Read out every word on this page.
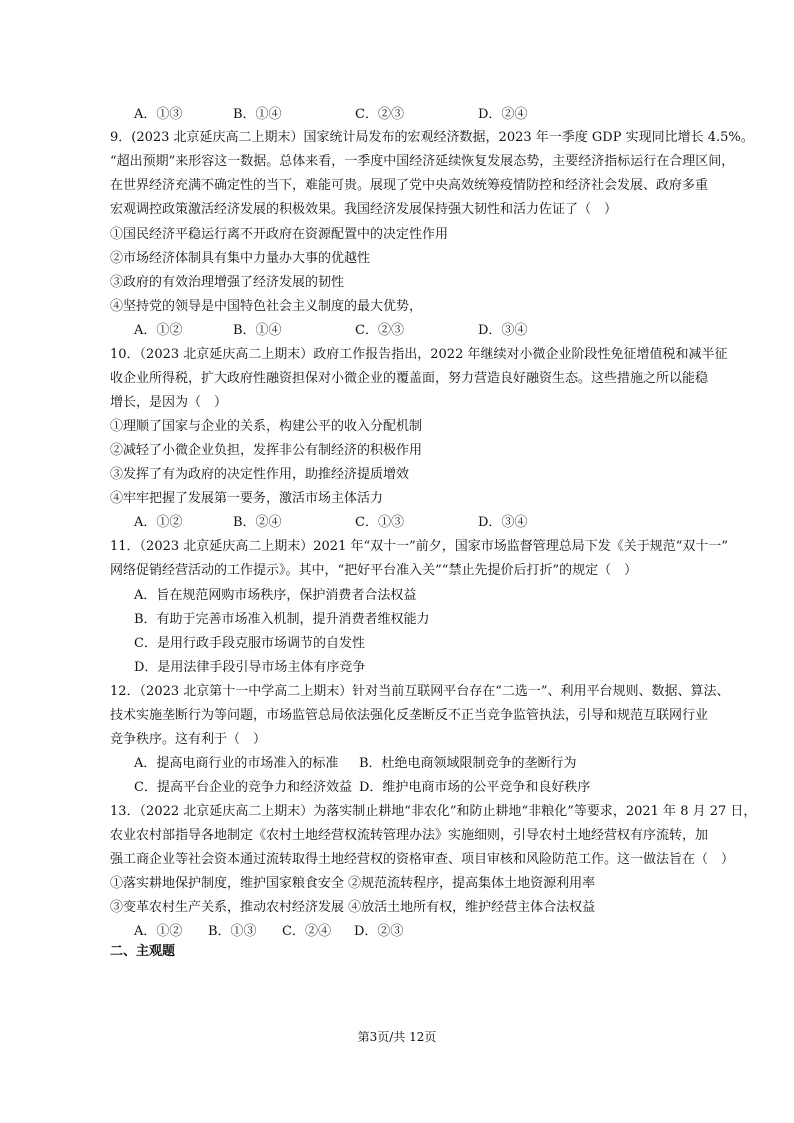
A．①③	B．①④	C．②③	D．②④
9．(2023 北京延庆高二上期末）国家统计局发布的宏观经济数据，2023 年一季度 GDP 实现同比增长 4.5%。
“超出预期”来形容这一数据。总体来看，一季度中国经济延续恢复发展态势，主要经济指标运行在合理区间，
在世界经济充满不确定性的当下，难能可贵。展现了党中央高效统筹疫情防控和经济社会发展、政府多重
宏观调控政策激活经济发展的积极效果。我国经济发展保持强大韧性和活力佐证了（　）
①国民经济平稳运行离不开政府在资源配置中的决定性作用
②市场经济体制具有集中力量办大事的优越性
③政府的有效治理增强了经济发展的韧性
④坚持党的领导是中国特色社会主义制度的最大优势，
A．①②	B．①④	C．②③	D．③④
10．（2023 北京延庆高二上期末）政府工作报告指出，2022 年继续对小微企业阶段性免征增值税和减半征
收企业所得税，扩大政府性融资担保对小微企业的覆盖面，努力营造良好融资生态。这些措施之所以能稳
增长，是因为（　）
①理顺了国家与企业的关系，构建公平的收入分配机制
②减轻了小微企业负担，发挥非公有制经济的积极作用
③发挥了有为政府的决定性作用，助推经济提质增效
④牢牢把握了发展第一要务，激活市场主体活力
A．①②	B．②④	C．①③	D．③④
11．（2023 北京延庆高二上期末）2021 年“双十一”前夕，国家市场监督管理总局下发《关于规范“双十一”
网络促销经营活动的工作提示》。其中，“把好平台准入关”“禁止先提价后打折”的规定（　）
A．旨在规范网购市场秩序，保护消费者合法权益
B．有助于完善市场准入机制，提升消费者维权能力
C．是用行政手段克服市场调节的自发性
D．是用法律手段引导市场主体有序竞争
12．（2023 北京第十一中学高二上期末）针对当前互联网平台存在“二选一”、利用平台规则、数据、算法、
技术实施垄断行为等问题，市场监管总局依法强化反垄断反不正当竞争监管执法，引导和规范互联网行业
竞争秩序。这有利于（　）
A．提高电商行业的市场准入的标准 B．杜绝电商领域限制竞争的垄断行为
C．提高平台企业的竞争力和经济效益 D．维护电商市场的公平竞争和良好秩序
13．（2022 北京延庆高二上期末）为落实制止耕地“非农化”和防止耕地“非粮化”等要求，2021 年 8 月 27 日，
农业农村部指导各地制定《农村土地经营权流转管理办法》实施细则，引导农村土地经营权有序流转，加
强工商企业等社会资本通过流转取得土地经营权的资格审查、项目审核和风险防范工作。这一做法旨在（　）
①落实耕地保护制度，维护国家粮食安全 ②规范流转程序，提高集体土地资源利用率
③变革农村生产关系，推动农村经济发展 ④放活土地所有权，维护经营主体合法权益
A．①② B．①③ C．②④ D．②③
二、主观题
第3页/共 12页
